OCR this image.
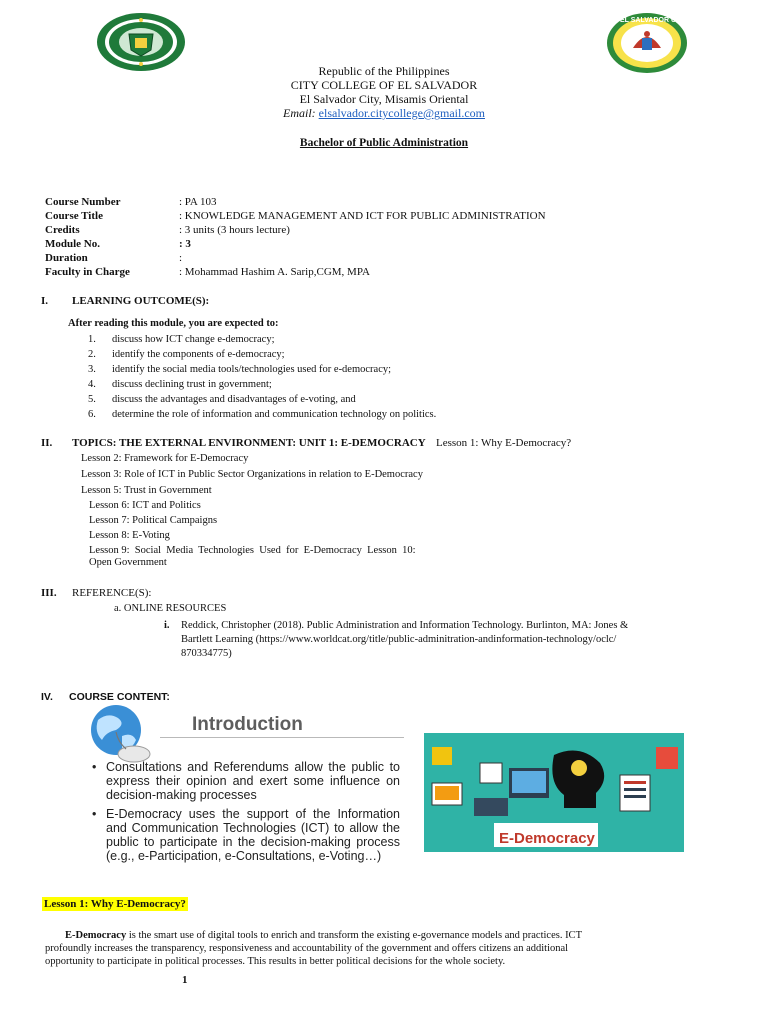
EL SALVADOR CITY
Republic of the Philippines
CITY COLLEGE OF EL SALVADOR
El Salvador City, Misamis Oriental
Email: elsalvador.citycollege@gmail.com
Bachelor of Public Administration
Course Number	: PA 103
Course Title	: KNOWLEDGE MANAGEMENT AND ICT FOR PUBLIC ADMINISTRATION
Credits	: 3 units (3 hours lecture)
Module No.	: 3
Duration	:
Faculty in Charge	: Mohammad Hashim A. Sarip,CGM, MPA
I. LEARNING OUTCOME(S):
After reading this module, you are expected to:
1. discuss how ICT change e-democracy;
2. identify the components of e-democracy;
3. identify the social media tools/technologies used for e-democracy;
4. discuss declining trust in government;
5. discuss the advantages and disadvantages of e-voting, and
6. determine the role of information and communication technology on politics.
II. TOPICS: THE EXTERNAL ENVIRONMENT: UNIT 1: E-DEMOCRACY Lesson 1: Why E-Democracy?
Lesson 2: Framework for E-Democracy
Lesson 3: Role of ICT in Public Sector Organizations in relation to E-Democracy
Lesson 5: Trust in Government
Lesson 6: ICT and Politics
Lesson 7: Political Campaigns
Lesson 8: E-Voting
Lesson 9:  Social  Media  Technologies  Used  for  E-Democracy  Lesson  10:
Open Government
III. REFERENCE(S):
a. ONLINE RESOURCES
i. Reddick, Christopher (2018). Public Administration and Information Technology. Burlinton, MA: Jones &
Bartlett Learning (https://www.worldcat.org/title/public-adminitration-andinformation-technology/oclc/
870334775)
IV. COURSE CONTENT:
Introduction
• Consultations and Referendums allow the public to express their opinion and exert some influence on decision-making processes
• E-Democracy uses the support of the Information and Communication Technologies (ICT) to allow the public to participate in the decision-making process (e.g., e-Participation, e-Consultations, e-Voting…)
E-Democracy
Lesson 1: Why E-Democracy?
E-Democracy is the smart use of digital tools to enrich and transform the existing e-governance models and practices. ICT
profoundly increases the transparency, responsiveness and accountability of the government and offers citizens an additional
opportunity to participate in political processes. This results in better political decisions for the whole society.
1
